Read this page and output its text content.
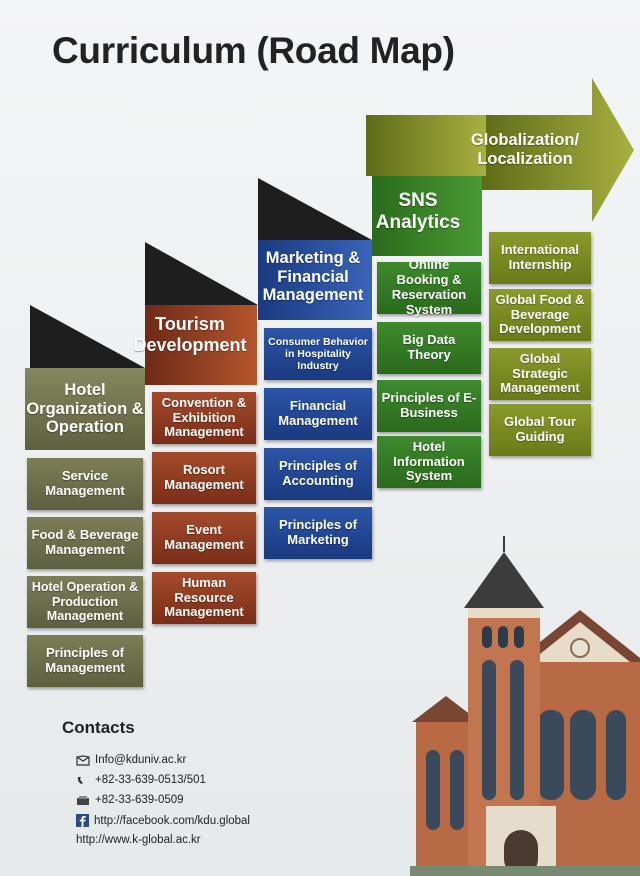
Curriculum (Road Map)
Hotel Organization & Operation
Tourism Development
Marketing & Financial Management
SNS Analytics
Globalization/ Localization
Service Management
Food & Beverage Management
Hotel Operation & Production Management
Principles of Management
Convention & Exhibition Management
Rosort Management
Event Management
Human Resource Management
Consumer Behavior in Hospitality Industry
Financial Management
Principles of Accounting
Principles of Marketing
Online Booking & Reservation System
Big Data Theory
Principles of E-Business
Hotel Information System
International Internship
Global Food & Beverage Development
Global Strategic Management
Global Tour Guiding
Contacts
Info@kduniv.ac.kr
+82-33-639-0513/501
+82-33-639-0509
http://facebook.com/kdu.global
http://www.k-global.ac.kr
